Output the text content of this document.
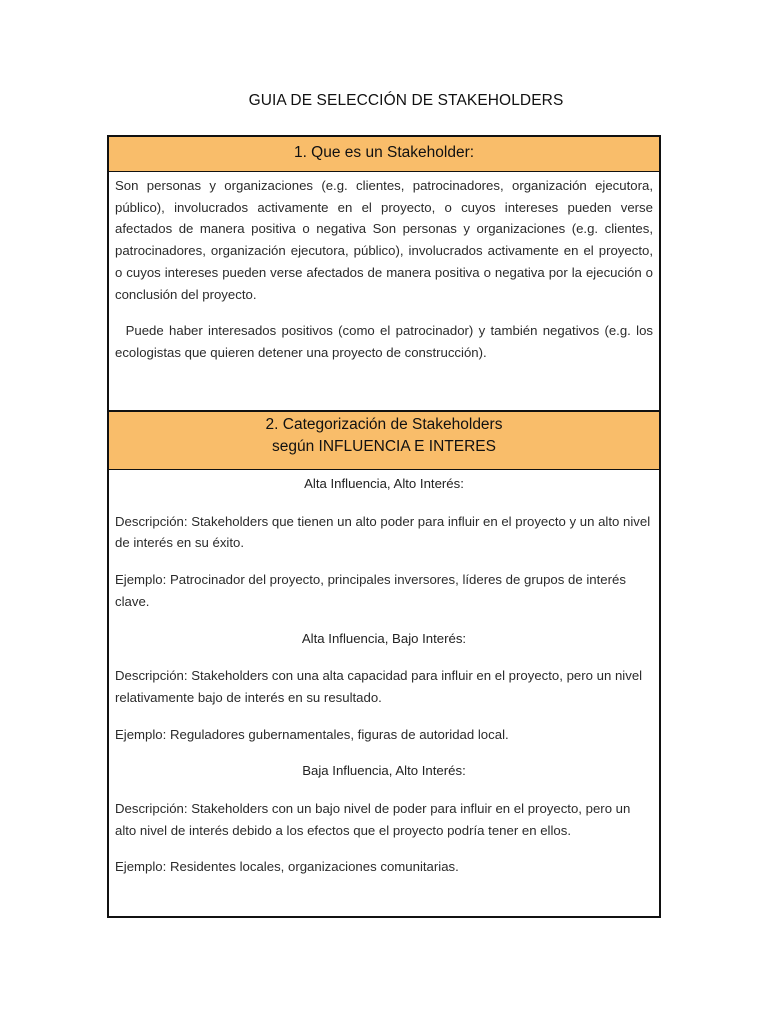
GUIA DE SELECCIÓN DE STAKEHOLDERS
1. Que es un Stakeholder:

Son personas y organizaciones (e.g. clientes, patrocinadores, organización ejecutora, público), involucrados activamente en el proyecto, o cuyos intereses pueden verse afectados de manera positiva o negativa Son personas y organizaciones (e.g. clientes, patrocinadores, organización ejecutora, público), involucrados activamente en el proyecto, o cuyos intereses pueden verse afectados de manera positiva o negativa por la ejecución o conclusión del proyecto.

Puede haber interesados positivos (como el patrocinador) y también negativos (e.g. los ecologistas que quieren detener una proyecto de construcción).

2. Categorización de Stakeholders
según INFLUENCIA E INTERES

Alta Influencia, Alto Interés:

Descripción: Stakeholders que tienen un alto poder para influir en el proyecto y un alto nivel de interés en su éxito.

Ejemplo: Patrocinador del proyecto, principales inversores, líderes de grupos de interés clave.

Alta Influencia, Bajo Interés:

Descripción: Stakeholders con una alta capacidad para influir en el proyecto, pero un nivel relativamente bajo de interés en su resultado.

Ejemplo: Reguladores gubernamentales, figuras de autoridad local.

Baja Influencia, Alto Interés:

Descripción: Stakeholders con un bajo nivel de poder para influir en el proyecto, pero un alto nivel de interés debido a los efectos que el proyecto podría tener en ellos.

Ejemplo: Residentes locales, organizaciones comunitarias.
